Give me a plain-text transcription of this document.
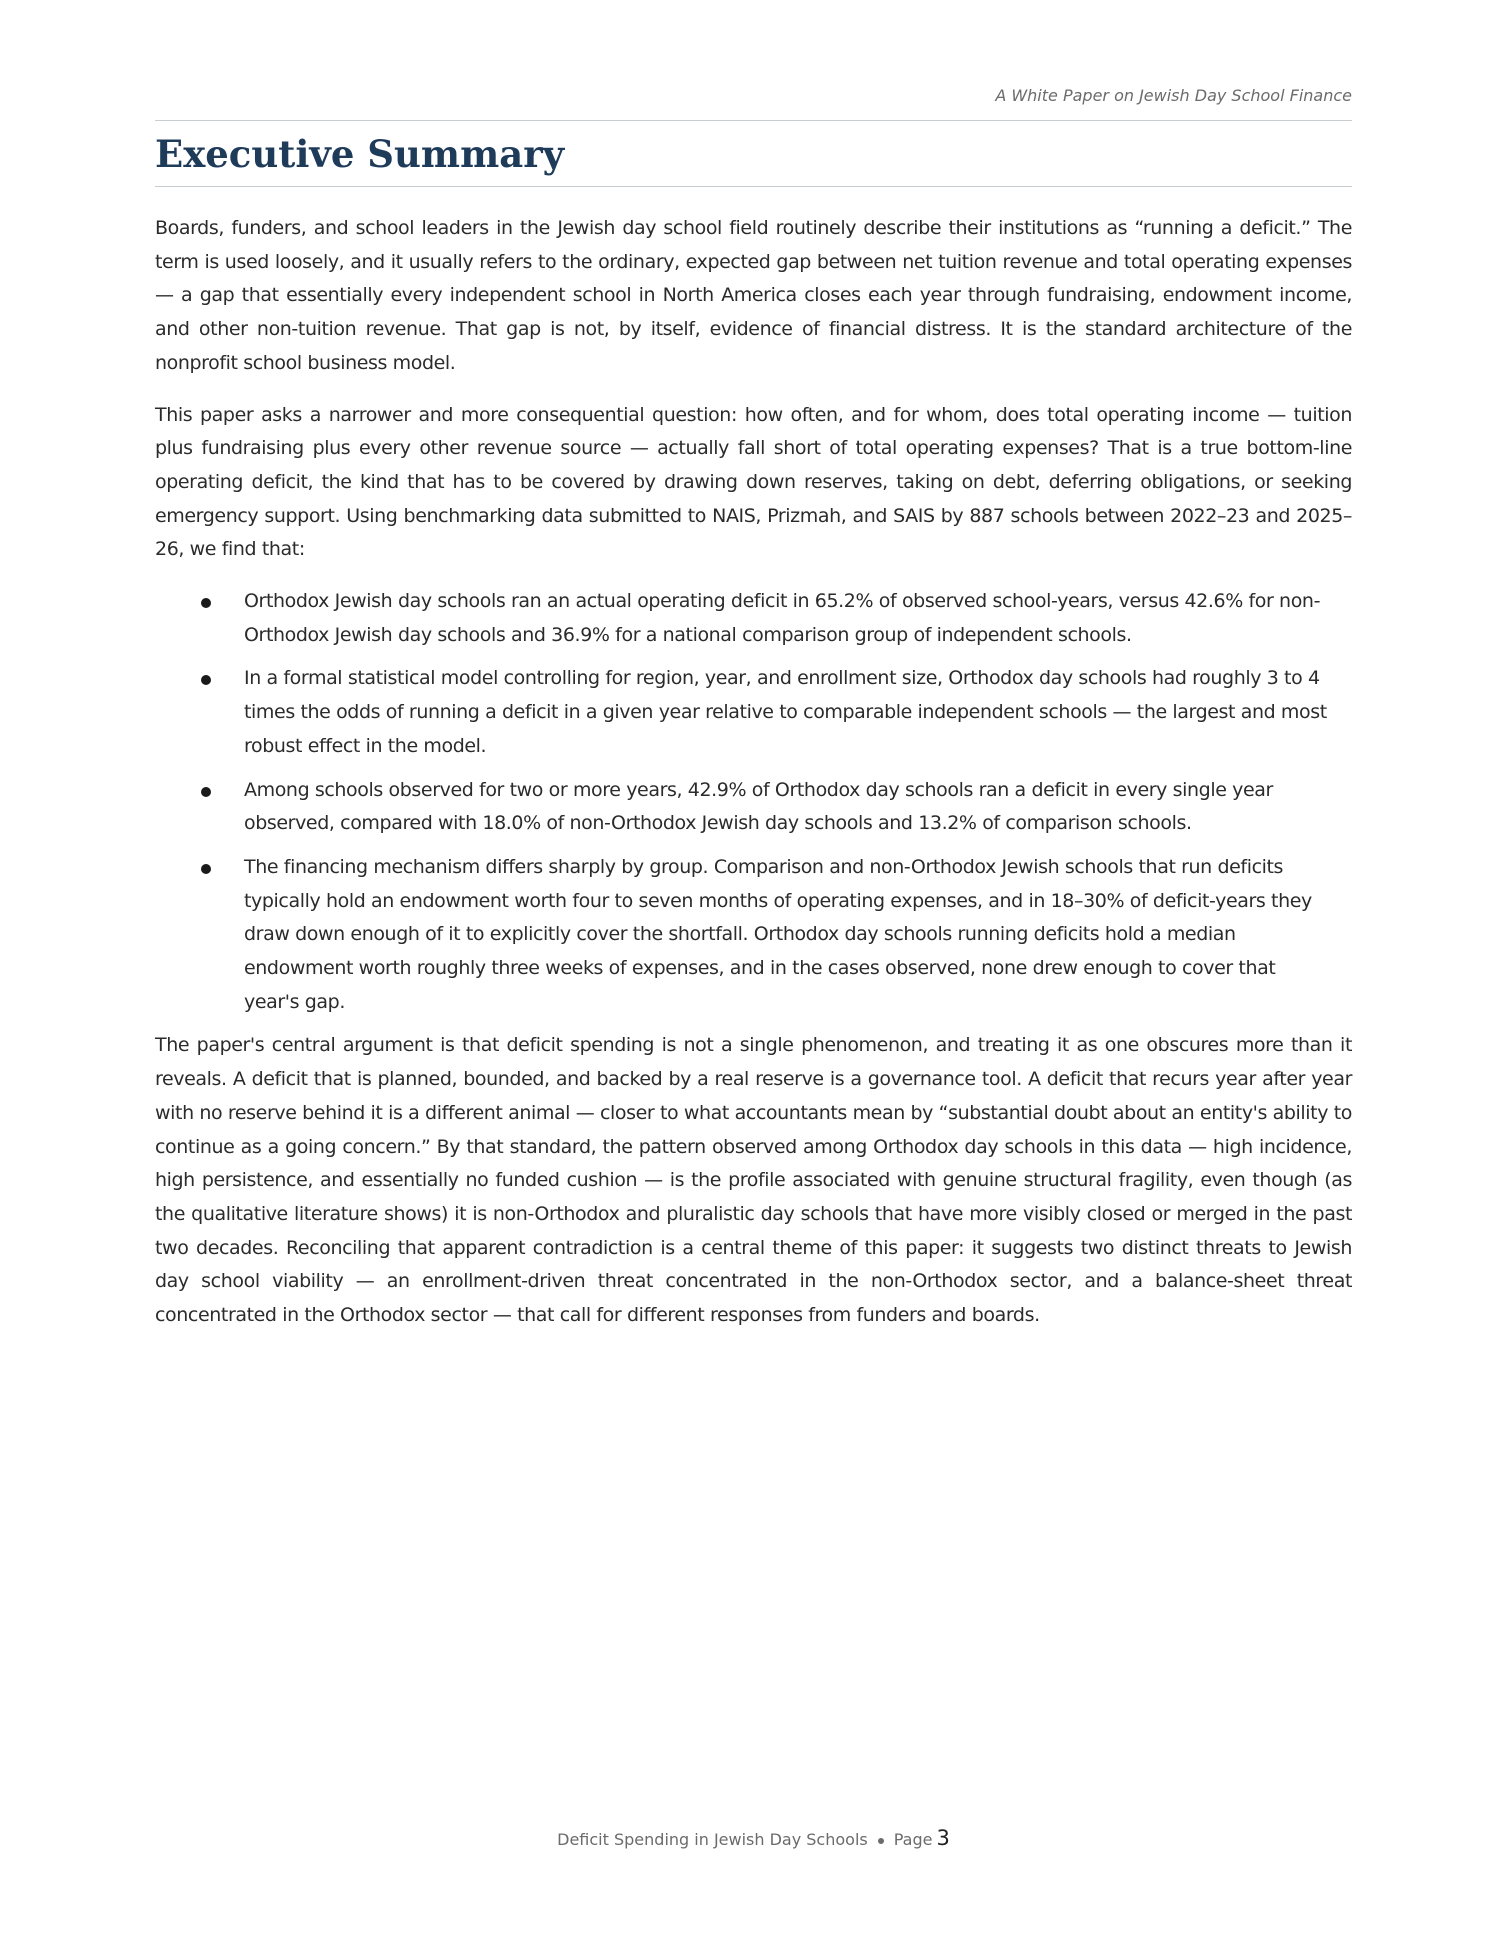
A White Paper on Jewish Day School Finance
Executive Summary

Boards, funders, and school leaders in the Jewish day school field routinely describe their institutions as “running a deficit.” The term is used loosely, and it usually refers to the ordinary, expected gap between net tuition revenue and total operating expenses — a gap that essentially every independent school in North America closes each year through fundraising, endowment income, and other non-tuition revenue. That gap is not, by itself, evidence of financial distress. It is the standard architecture of the nonprofit school business model.

This paper asks a narrower and more consequential question: how often, and for whom, does total operating income — tuition plus fundraising plus every other revenue source — actually fall short of total operating expenses? That is a true bottom-line operating deficit, the kind that has to be covered by drawing down reserves, taking on debt, deferring obligations, or seeking emergency support. Using benchmarking data submitted to NAIS, Prizmah, and SAIS by 887 schools between 2022–23 and 2025–26, we find that:

Orthodox Jewish day schools ran an actual operating deficit in 65.2% of observed school-years, versus 42.6% for non-Orthodox Jewish day schools and 36.9% for a national comparison group of independent schools.
In a formal statistical model controlling for region, year, and enrollment size, Orthodox day schools had roughly 3 to 4 times the odds of running a deficit in a given year relative to comparable independent schools — the largest and most robust effect in the model.
Among schools observed for two or more years, 42.9% of Orthodox day schools ran a deficit in every single year observed, compared with 18.0% of non-Orthodox Jewish day schools and 13.2% of comparison schools.
The financing mechanism differs sharply by group. Comparison and non-Orthodox Jewish schools that run deficits typically hold an endowment worth four to seven months of operating expenses, and in 18–30% of deficit-years they draw down enough of it to explicitly cover the shortfall. Orthodox day schools running deficits hold a median endowment worth roughly three weeks of expenses, and in the cases observed, none drew enough to cover that year's gap.

The paper's central argument is that deficit spending is not a single phenomenon, and treating it as one obscures more than it reveals. A deficit that is planned, bounded, and backed by a real reserve is a governance tool. A deficit that recurs year after year with no reserve behind it is a different animal — closer to what accountants mean by “substantial doubt about an entity's ability to continue as a going concern.” By that standard, the pattern observed among Orthodox day schools in this data — high incidence, high persistence, and essentially no funded cushion — is the profile associated with genuine structural fragility, even though (as the qualitative literature shows) it is non-Orthodox and pluralistic day schools that have more visibly closed or merged in the past two decades. Reconciling that apparent contradiction is a central theme of this paper: it suggests two distinct threats to Jewish day school viability — an enrollment-driven threat concentrated in the non-Orthodox sector, and a balance-sheet threat concentrated in the Orthodox sector — that call for different responses from funders and boards.

Deficit Spending in Jewish Day Schools Page 3
